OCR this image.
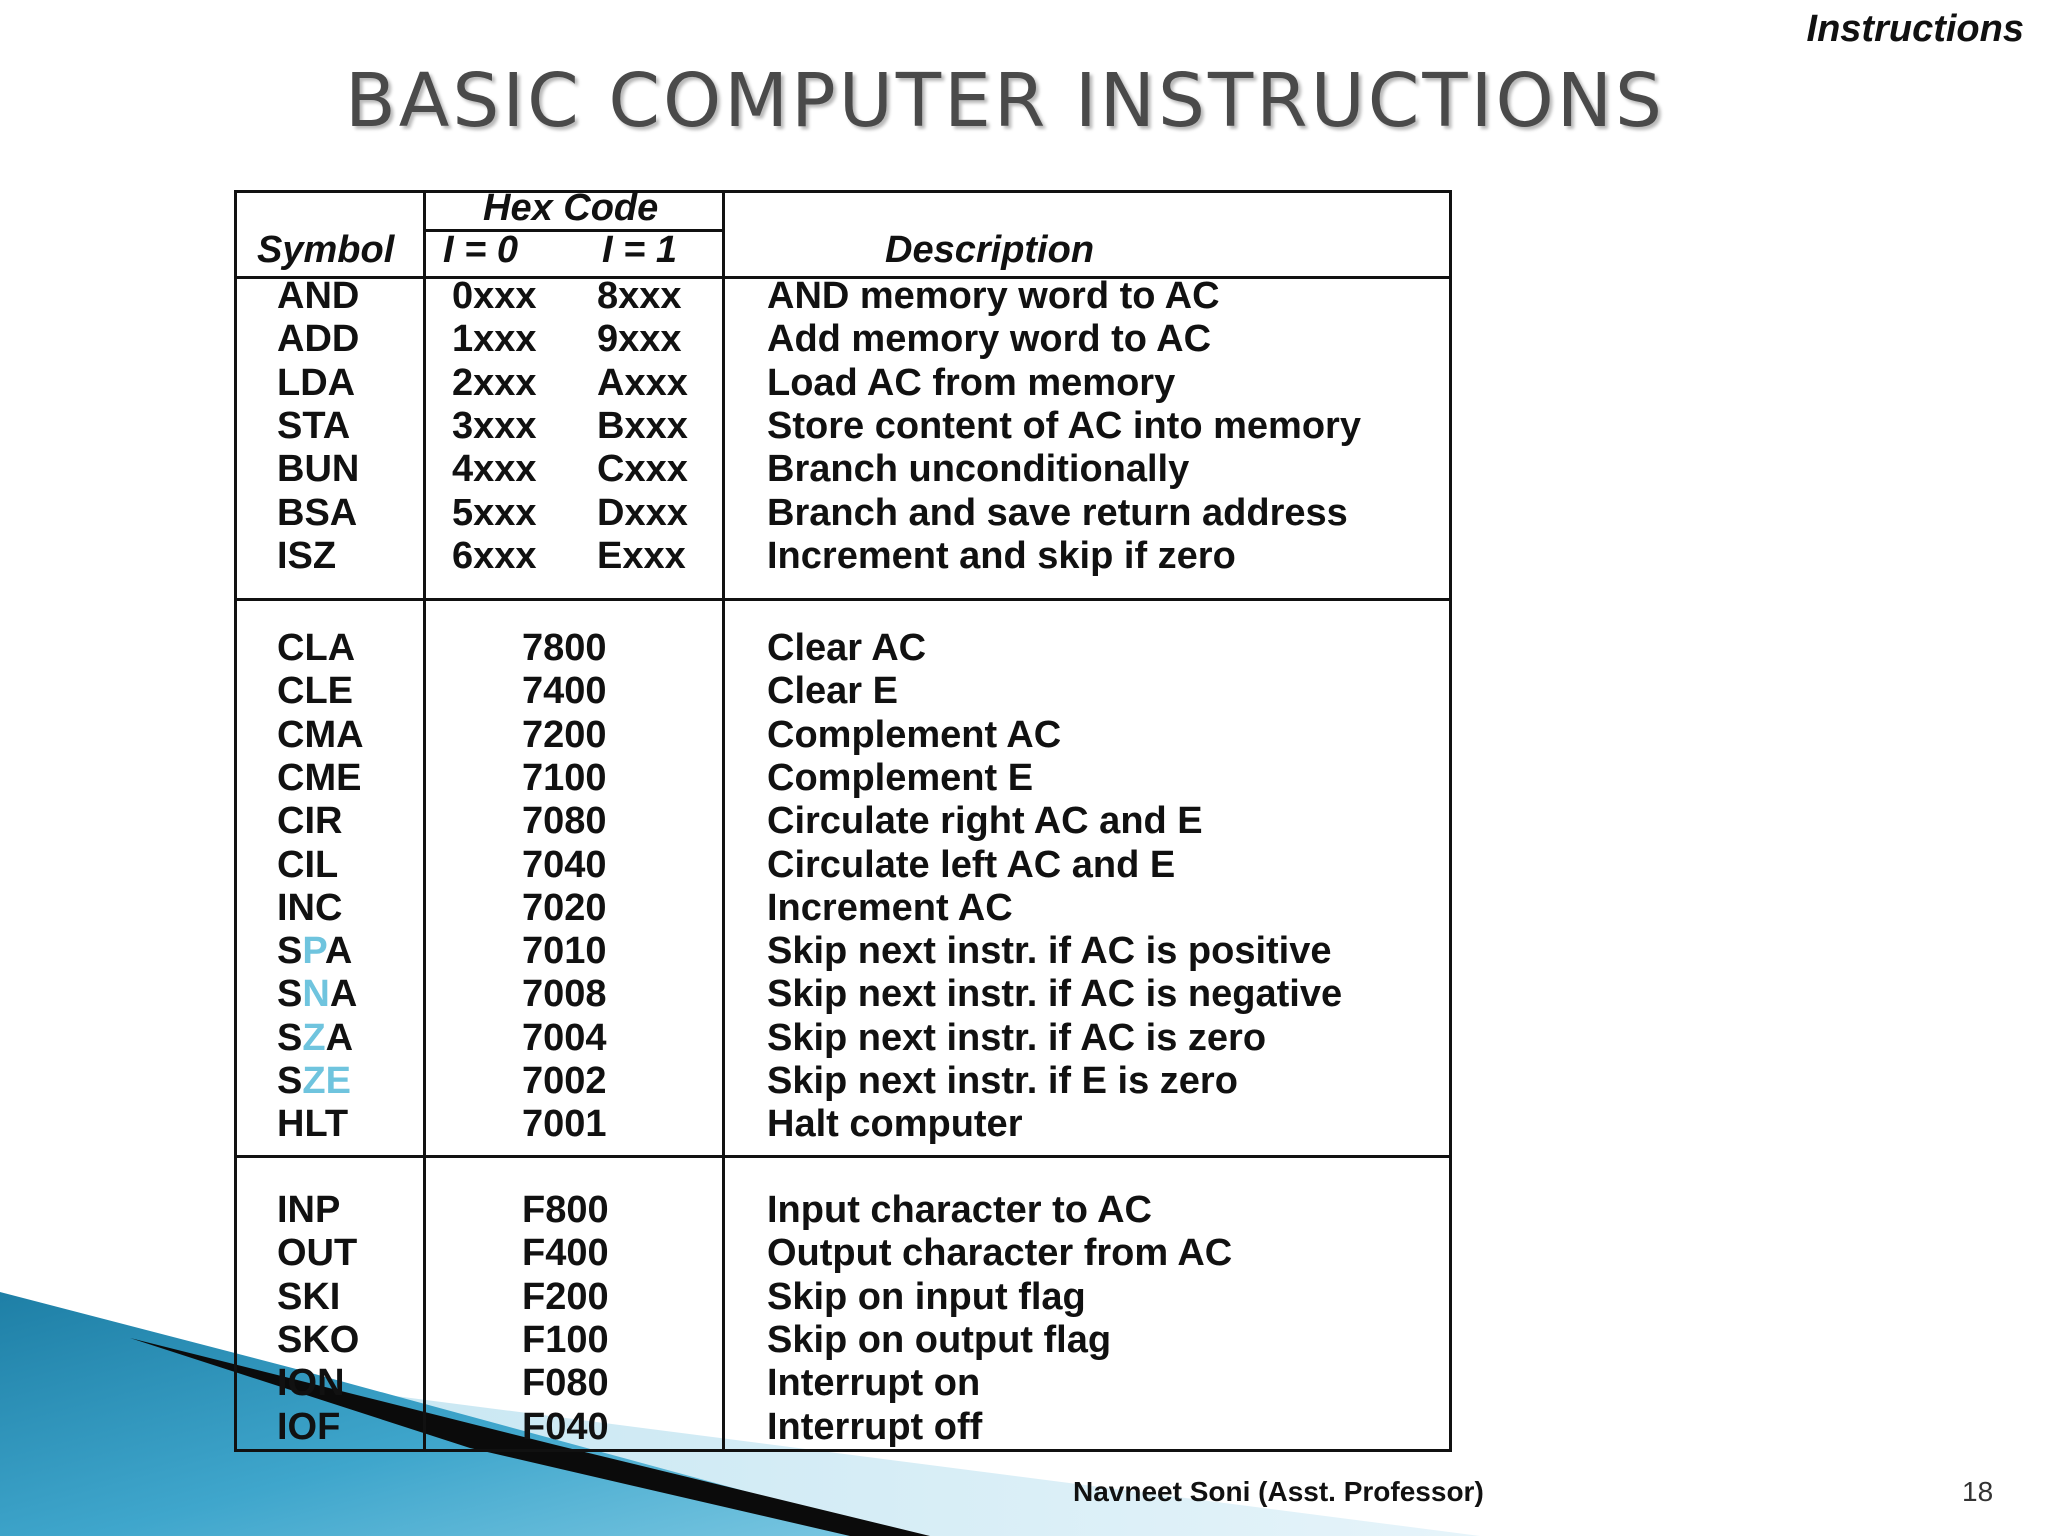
Instructions
BASIC COMPUTER INSTRUCTIONS
Hex Code
Symbol I = 0 I = 1	Description
AND 0xxx 8xxx AND memory word to AC
ADD 1xxx 9xxx Add memory word to AC
LDA	2xxx Axxx Load AC from memory
STA	3xxx Bxxx Store content of AC into memory
BUN 4xxx Cxxx Branch unconditionally
BSA 5xxx Dxxx Branch and save return address
ISZ	6xxx Exxx Increment and skip if zero
CLA	7800	Clear AC
CLE	7400	Clear E
CMA	7200	Complement AC
CME	7100	Complement E
CIR	7080	Circulate right AC and E
CIL	7040	Circulate left AC and E
INC	7020	Increment AC
SPA	7010	Skip next instr. if AC is positive
SNA	7008	Skip next instr. if AC is negative
SZA	7004	Skip next instr. if AC is zero
SZE	7002	Skip next instr. if E is zero
HLT	7001	Halt computer
INP	F800	Input character to AC
OUT	F400	Output character from AC
SKI	F200	Skip on input flag
SKO	F100	Skip on output flag
ION	F080	Interrupt on
IOF	F040	Interrupt off
Navneet Soni (Asst. Professor)	18
